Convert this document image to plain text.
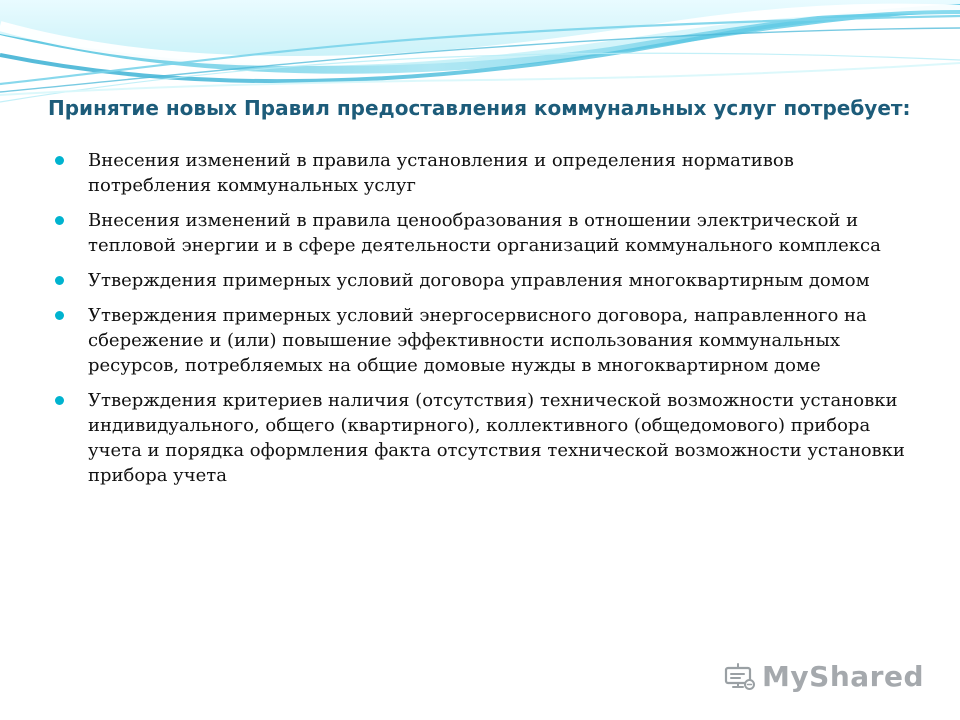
Принятие новых Правил предоставления коммунальных услуг потребует:
Внесения изменений в правила установления и определения нормативов потребления коммунальных услуг
Внесения изменений в правила ценообразования в отношении электрической и тепловой энергии и в сфере деятельности организаций коммунального комплекса
Утверждения примерных условий договора управления многоквартирным домом
Утверждения примерных условий энергосервисного договора, направленного на сбережение и (или) повышение эффективности использования коммунальных ресурсов, потребляемых на общие домовые нужды в многоквартирном доме
Утверждения критериев наличия (отсутствия) технической возможности установки индивидуального, общего (квартирного), коллективного (общедомового) прибора учета и порядка оформления факта отсутствия технической возможности установки прибора учета
MyShared
